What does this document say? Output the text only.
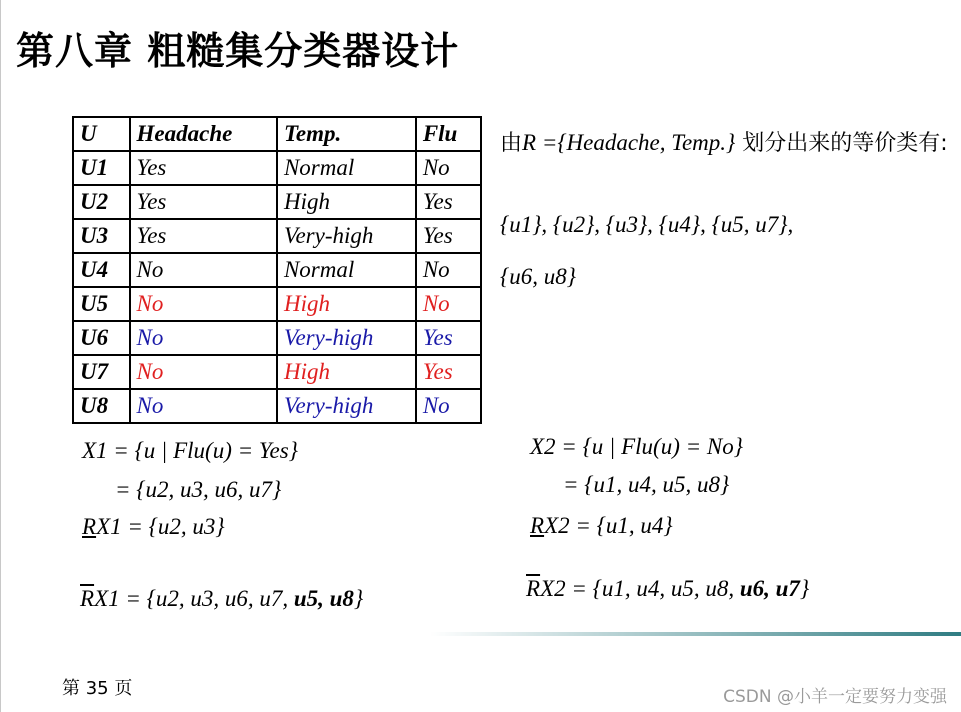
第八章 粗糙集分类器设计
U	Headache	Temp.	Flu
U1	Yes	Normal	No
U2	Yes	High	Yes
U3	Yes	Very-high	Yes
U4	No	Normal	No
U5	No	High	No
U6	No	Very-high	Yes
U7	No	High	Yes
U8	No	Very-high	No
由R ={Headache, Temp.} 划分出来的等价类有:
{u1}, {u2}, {u3}, {u4}, {u5, u7},
{u6, u8}
X1 = {u | Flu(u) = Yes}
= {u2, u3, u6, u7}
RX1 = {u2, u3}
$\overline{R}X1 = \{u2$, u3, u6, u7, u5, u8}
X2 = {u | Flu(u) = No}
= {u1, u4, u5, u8}
RX2 = {u1, u4}
$\overline{R}X2 = \{u1$, u4, u5, u8, u6, u7}
第 35 页	CSDN @小羊一定要努力变强
